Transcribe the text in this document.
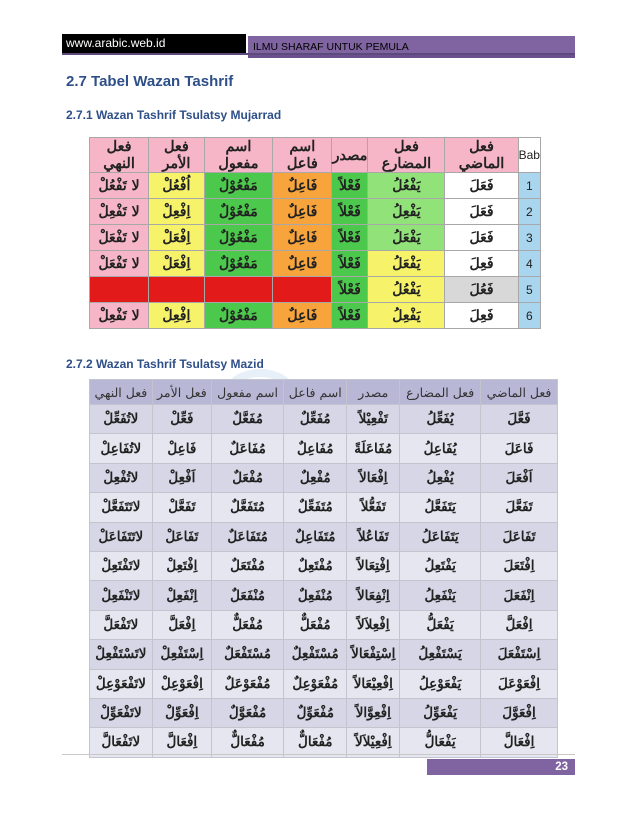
www.arabic.web.id	ILMU SHARAF UNTUK PEMULA
2.7 Tabel Wazan Tashrif
2.7.1 Wazan Tashrif Tsulatsy Mujarrad
فعل النهي	فعل الأمر	اسم مفعول	اسم فاعل	مصدر	فعل المضارع	فعل الماضي	Bab
لا تَفْعُلْ	اُفْعُلْ	مَفْعُوْلٌ	فَاعِلٌ	فَعْلاً	يَفْعُلُ	فَعَلَ	1
لا تَفْعِلْ	اِفْعِلْ	مَفْعُوْلٌ	فَاعِلٌ	فَعْلاً	يَفْعِلُ	فَعَلَ	2
لا تَفْعَلْ	اِفْعَلْ	مَفْعُوْلٌ	فَاعِلٌ	فَعْلاً	يَفْعَلُ	فَعَلَ	3
لا تَفْعَلْ	اِفْعَلْ	مَفْعُوْلٌ	فَاعِلٌ	فَعْلاً	يَفْعَلُ	فَعِلَ	4
				فَعْلاً	يَفْعُلُ	فَعُلَ	5
لا تَفْعِلْ	اِفْعِلْ	مَفْعُوْلٌ	فَاعِلٌ	فَعْلاً	يَفْعِلُ	فَعِلَ	6
2.7.2 Wazan Tashrif Tsulatsy Mazid
فعل النهي	فعل الأمر	اسم مفعول	اسم فاعل	مصدر	فعل المضارع	فعل الماضي
لاتُفَعِّلْ	فَعِّلْ	مُفَعَّلٌ	مُفَعِّلٌ	تَفْعِيْلاً	يُفَعِّلُ	فَعَّلَ
لاتُفَاعِلْ	فَاعِلْ	مُفَاعَلٌ	مُفَاعِلٌ	مُفَاعَلَةً	يُفَاعِلُ	فَاعَلَ
لاتُفْعِلْ	اَفْعِلْ	مُفْعَلٌ	مُفْعِلٌ	اِفْعَالاً	يُفْعِلُ	اَفْعَلَ
لاتَتَفَعَّلْ	تَفَعَّلْ	مُتَفَعَّلٌ	مُتَفَعِّلٌ	تَفَعُّلاً	يَتَفَعَّلُ	تَفَعَّلَ
لاتَتَفَاعَلْ	تَفَاعَلْ	مُتَفَاعَلٌ	مُتَفَاعِلٌ	تَفَاعُلاً	يَتَفَاعَلُ	تَفَاعَلَ
لاتَفْتَعِلْ	اِفْتَعِلْ	مُفْتَعَلٌ	مُفْتَعِلٌ	اِفْتِعَالاً	يَفْتَعِلُ	اِفْتَعَلَ
لاتَنْفَعِلْ	اِنْفَعِلْ	مُنْفَعَلٌ	مُنْفَعِلٌ	اِنْفِعَالاً	يَنْفَعِلُ	اِنْفَعَلَ
لاتَفْعَلَّ	اِفْعَلَّ	مُفْعَلٌّ	مُفْعَلٌّ	اِفْعِلاَلاً	يَفْعَلُّ	اِفْعَلَّ
لاتَسْتَفْعِلْ	اِسْتَفْعِلْ	مُسْتَفْعَلٌ	مُسْتَفْعِلٌ	اِسْتِفْعَالاً	يَسْتَفْعِلُ	اِسْتَفْعَلَ
لاتَفْعَوْعِلْ	اِفْعَوْعِلْ	مُفْعَوْعَلٌ	مُفْعَوْعِلٌ	اِفْعِيْعَالاً	يَفْعَوْعِلُ	اِفْعَوْعَلَ
لاتَفْعَوِّلْ	اِفْعَوِّلْ	مُفْعَوَّلٌ	مُفْعَوِّلٌ	اِفْعِوَّالاً	يَفْعَوِّلُ	اِفْعَوَّلَ
لاتَفْعَالَّ	اِفْعَالَّ	مُفْعَالٌّ	مُفْعَالٌّ	اِفْعِيْلاَلاً	يَفْعَالُّ	اِفْعَالَّ
23
